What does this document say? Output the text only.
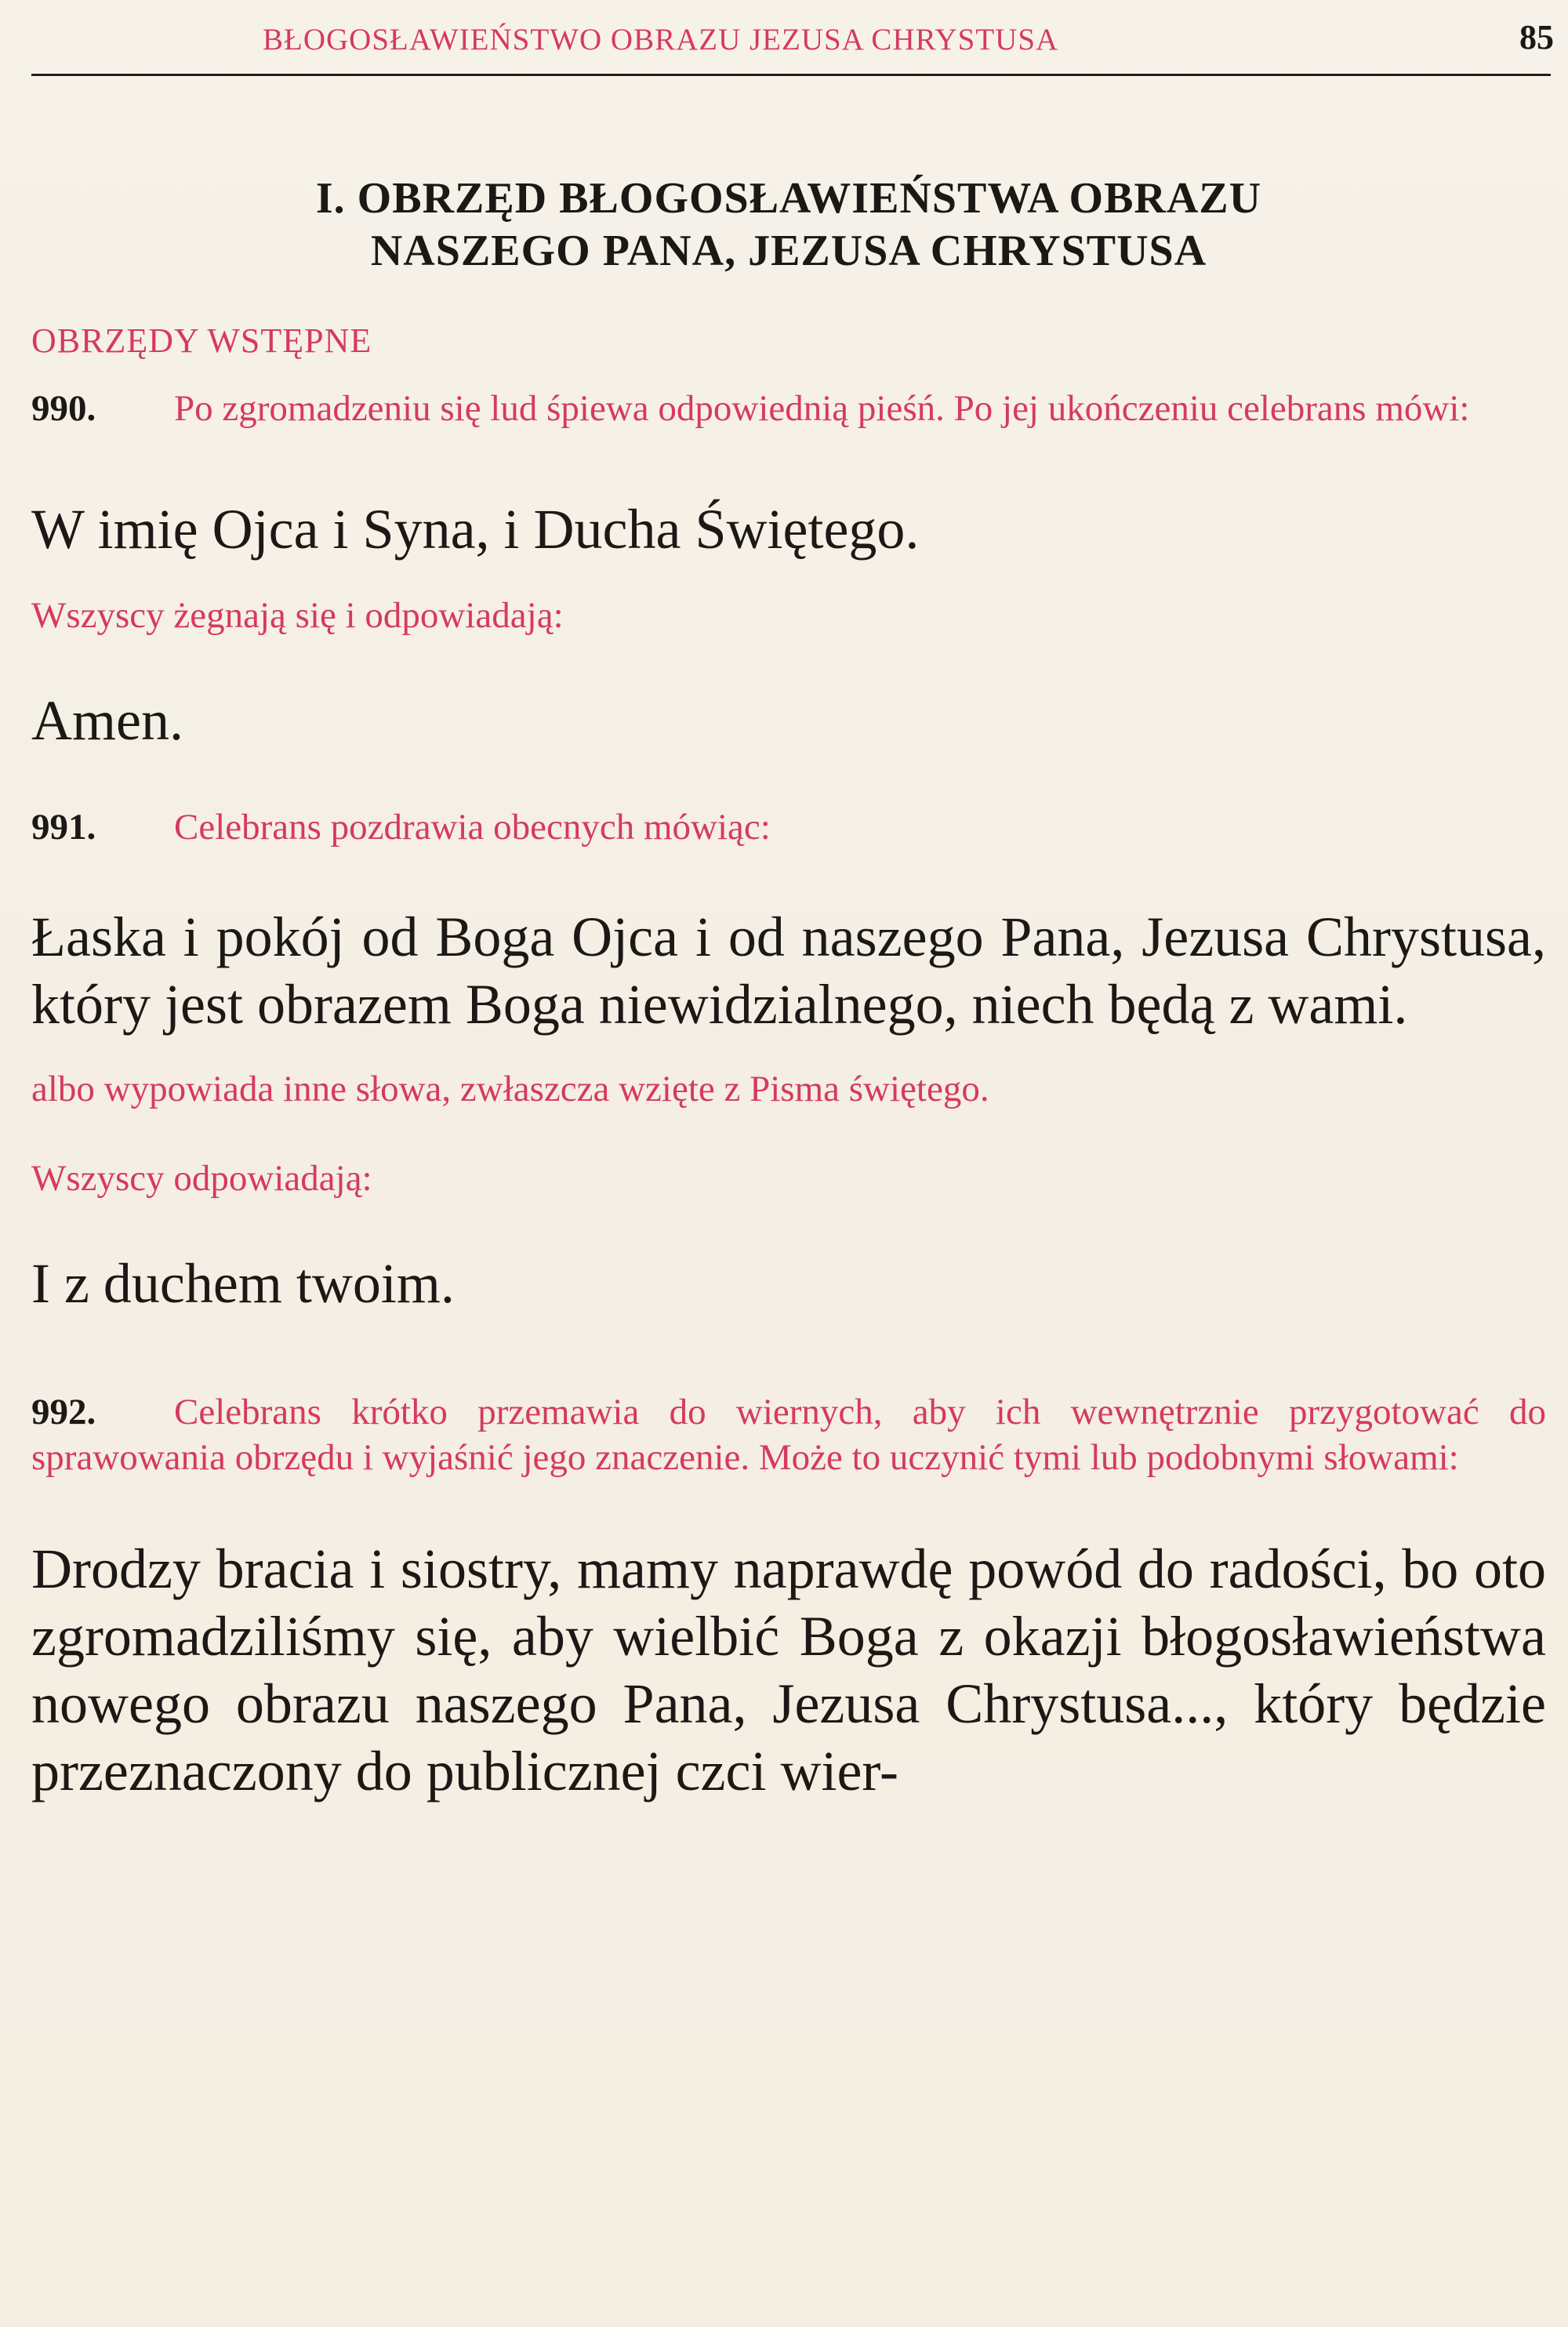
BŁOGOSŁAWIEŃSTWO OBRAZU JEZUSA CHRYSTUSA	85
I. OBRZĘD BŁOGOSŁAWIEŃSTWA OBRAZU
NASZEGO PANA, JEZUSA CHRYSTUSA
OBRZĘDY WSTĘPNE
990. Po zgromadzeniu się lud śpiewa odpowiednią pieśń. Po jej ukończeniu celebrans mówi:
W imię Ojca i Syna, i Ducha Świętego.
Wszyscy żegnają się i odpowiadają:
Amen.
991. Celebrans pozdrawia obecnych mówiąc:
Łaska i pokój od Boga Ojca i od naszego Pana, Jezusa Chrystusa, który jest obrazem Boga niewidzialnego, niech będą z wami.
albo wypowiada inne słowa, zwłaszcza wzięte z Pisma świętego.
Wszyscy odpowiadają:
I z duchem twoim.
992. Celebrans krótko przemawia do wiernych, aby ich wewnętrznie przygotować do sprawowania obrzędu i wyjaśnić jego znaczenie. Może to uczynić tymi lub podobnymi słowami:
Drodzy bracia i siostry, mamy naprawdę powód do radości, bo oto zgromadziliśmy się, aby wielbić Boga z okazji błogosławieństwa nowego obrazu naszego Pana, Jezusa Chrystusa..., który będzie przeznaczony do publicznej czci wier-
